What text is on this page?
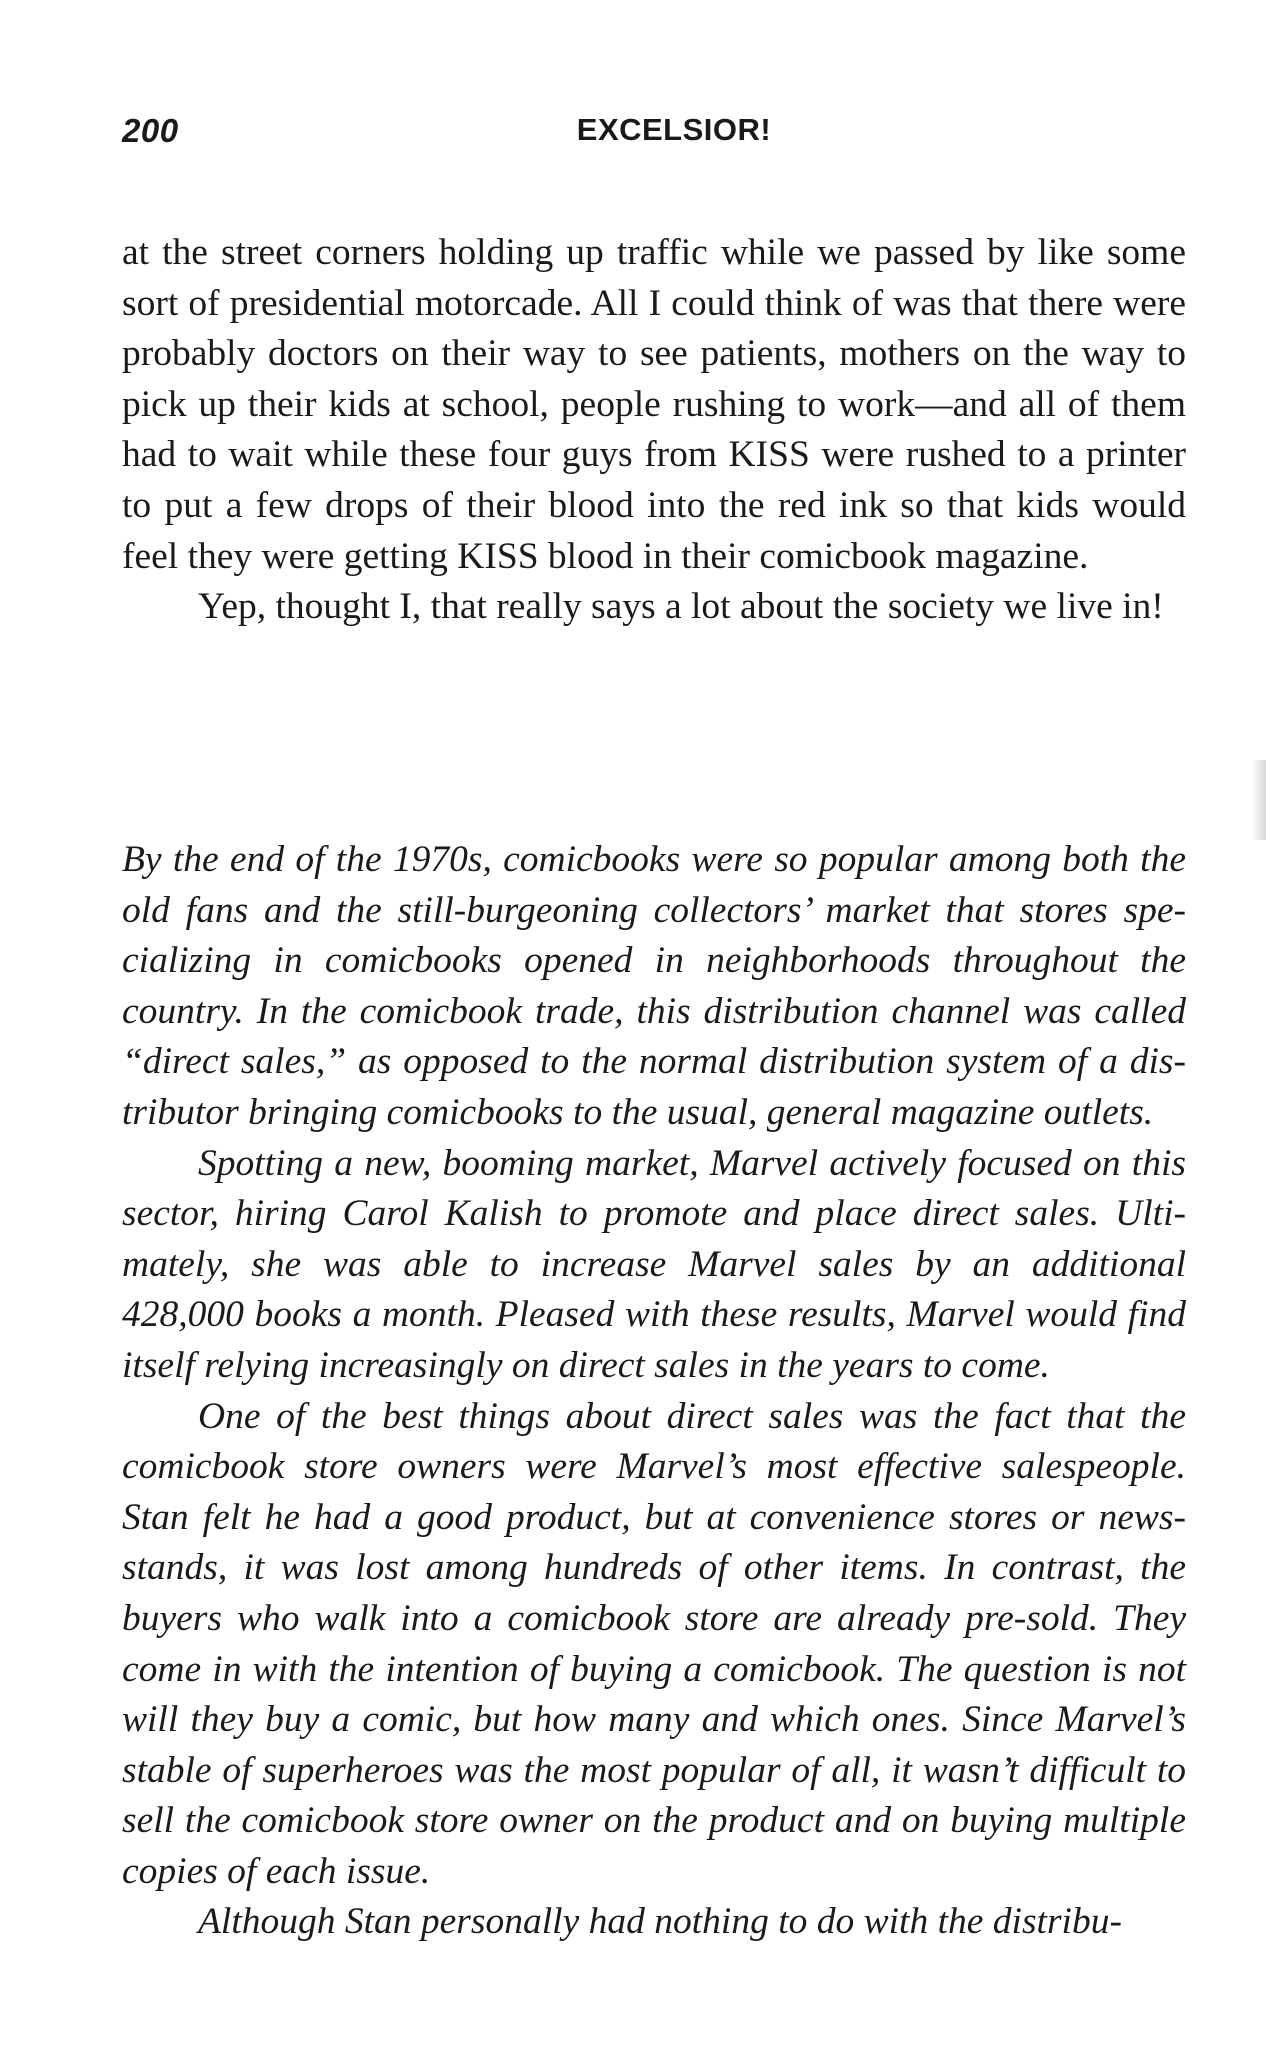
200	EXCELSIOR!

at the street corners holding up traffic while we passed by like some sort of presidential motorcade. All I could think of was that there were probably doctors on their way to see patients, mothers on the way to pick up their kids at school, people rushing to work—and all of them had to wait while these four guys from KISS were rushed to a printer to put a few drops of their blood into the red ink so that kids would feel they were getting KISS blood in their comicbook magazine.

Yep, thought I, that really says a lot about the society we live in!

By the end of the 1970s, comicbooks were so popular among both the old fans and the still-burgeoning collectors’ market that stores specializing in comicbooks opened in neighborhoods throughout the country. In the comicbook trade, this distribution channel was called “direct sales,” as opposed to the normal distribution system of a distributor bringing comicbooks to the usual, general magazine outlets.

Spotting a new, booming market, Marvel actively focused on this sector, hiring Carol Kalish to promote and place direct sales. Ultimately, she was able to increase Marvel sales by an additional 428,000 books a month. Pleased with these results, Marvel would find itself relying increasingly on direct sales in the years to come.

One of the best things about direct sales was the fact that the comicbook store owners were Marvel’s most effective salespeople. Stan felt he had a good product, but at convenience stores or newsstands, it was lost among hundreds of other items. In contrast, the buyers who walk into a comicbook store are already pre-sold. They come in with the intention of buying a comicbook. The question is not will they buy a comic, but how many and which ones. Since Marvel’s stable of superheroes was the most popular of all, it wasn’t difficult to sell the comicbook store owner on the product and on buying multiple copies of each issue.

Although Stan personally had nothing to do with the distribu-
